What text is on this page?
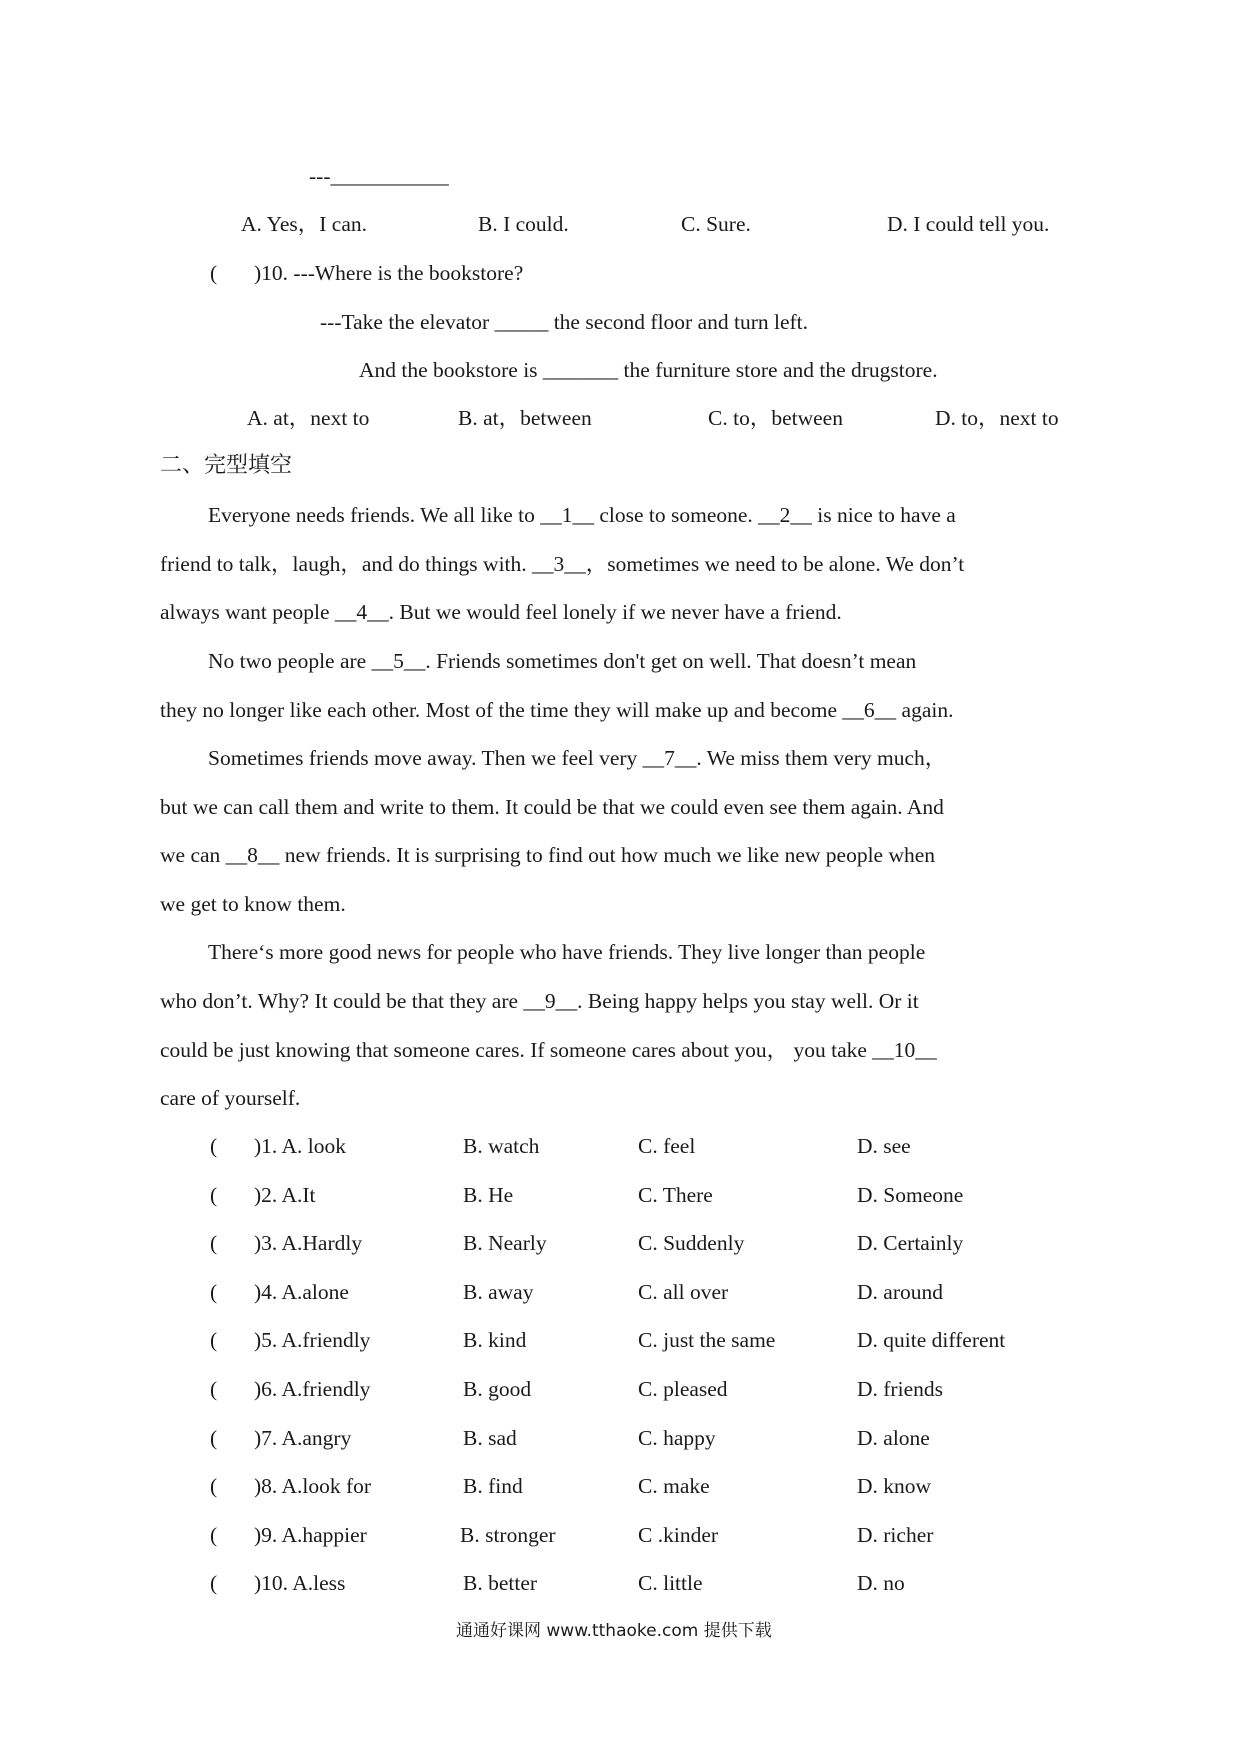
---___________
A. Yes，I can.	B. I could.	C. Sure.	D. I could tell you.
( )10. ---Where is the bookstore?
---Take the elevator _____ the second floor and turn left.
And the bookstore is _______ the furniture store and the drugstore.
A. at，next to	B. at，between	C. to，between	D. to，next to
二、完型填空
Everyone needs friends. We all like to __1__ close to someone. __2__ is nice to have a
friend to talk，laugh，and do things with. __3__，sometimes we need to be alone. We don’t
always want people __4__. But we would feel lonely if we never have a friend.
No two people are __5__. Friends sometimes don't get on well. That doesn’t mean
they no longer like each other. Most of the time they will make up and become __6__ again.
Sometimes friends move away. Then we feel very __7__. We miss them very much，
but we can call them and write to them. It could be that we could even see them again. And
we can __8__ new friends. It is surprising to find out how much we like new people when
we get to know them.
There‘s more good news for people who have friends. They live longer than people
who don’t. Why? It could be that they are __9__. Being happy helps you stay well. Or it
could be just knowing that someone cares. If someone cares about you， you take __10__
care of yourself.
( )1. A. look	B. watch	C. feel	D. see
( )2. A.It	B. He	C. There	D. Someone
( )3. A.Hardly	B. Nearly	C. Suddenly	D. Certainly
( )4. A.alone	B. away	C. all over	D. around
( )5. A.friendly	B. kind	C. just the same	D. quite different
( )6. A.friendly	B. good	C. pleased	D. friends
( )7. A.angry	B. sad	C. happy	D. alone
( )8. A.look for	B. find	C. make	D. know
( )9. A.happier	B. stronger	C .kinder	D. richer
( )10. A.less	B. better	C. little	D. no
通通好课网 www.tthaoke.com 提供下载
